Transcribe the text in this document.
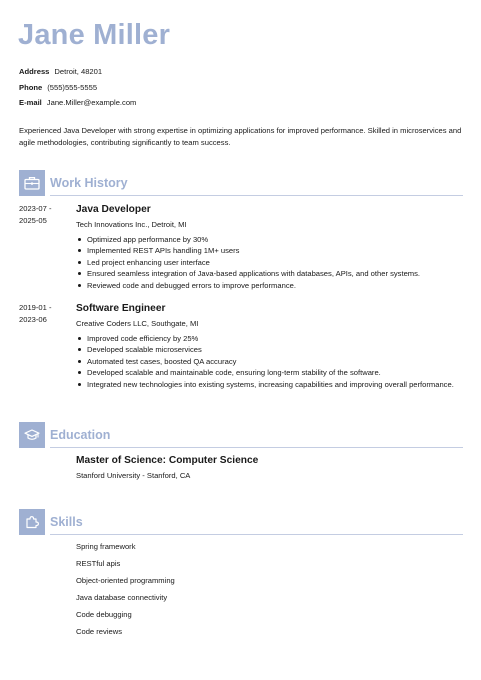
Jane Miller
Address Detroit, 48201
Phone (555)555-5555
E-mail Jane.Miller@example.com

Experienced Java Developer with strong expertise in optimizing applications for improved performance. Skilled in microservices and agile methodologies, contributing significantly to team success.

Work History
2023-07 -
2025-05
Java Developer
Tech Innovations Inc., Detroit, MI
Optimized app performance by 30%
Implemented REST APIs handling 1M+ users
Led project enhancing user interface
Ensured seamless integration of Java-based applications with databases, APIs, and other systems.
Reviewed code and debugged errors to improve performance.
2019-01 -
2023-06
Software Engineer
Creative Coders LLC, Southgate, MI
Improved code efficiency by 25%
Developed scalable microservices
Automated test cases, boosted QA accuracy
Developed scalable and maintainable code, ensuring long-term stability of the software.
Integrated new technologies into existing systems, increasing capabilities and improving overall performance.
Education
Master of Science: Computer Science
Stanford University - Stanford, CA
Skills
Spring framework
RESTful apis
Object-oriented programming
Java database connectivity
Code debugging
Code reviews
